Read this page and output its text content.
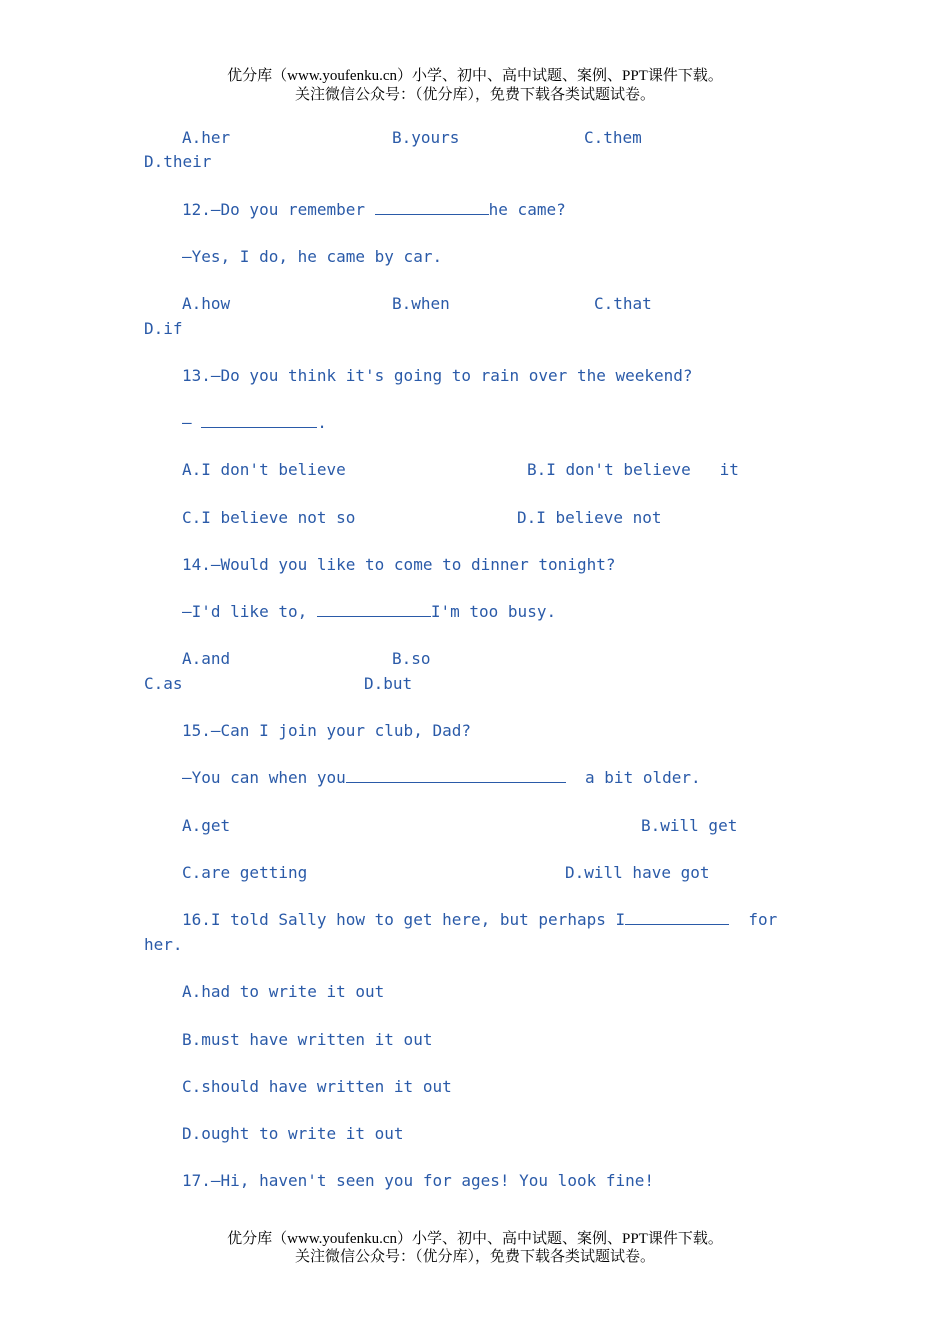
优分库（www.youfenku.cn）小学、初中、高中试题、案例、PPT课件下载。
关注微信公众号：（优分库），免费下载各类试题试卷。
A.her	B.yours	C.them
D.their
12.—Do you remember	he came?
—Yes, I do, he came by car.
A.how	B.when	C.that
D.if
13.—Do you think it's going to rain over the weekend?
—	.
A.I don't believe	B.I don't believe   it
C.I believe not so	D.I believe not
14.—Would you like to come to dinner tonight?
—I'd like to,	I'm too busy.
A.and	B.so
C.as	D.but
15.—Can I join your club, Dad?
—You can when you	a bit older.
A.get	B.will get
C.are getting	D.will have got
16.I told Sally how to get here, but perhaps I	for
her.
A.had to write it out
B.must have written it out
C.should have written it out
D.ought to write it out
17.—Hi, haven't seen you for ages! You look fine!
优分库（www.youfenku.cn）小学、初中、高中试题、案例、PPT课件下载。
关注微信公众号：（优分库），免费下载各类试题试卷。
